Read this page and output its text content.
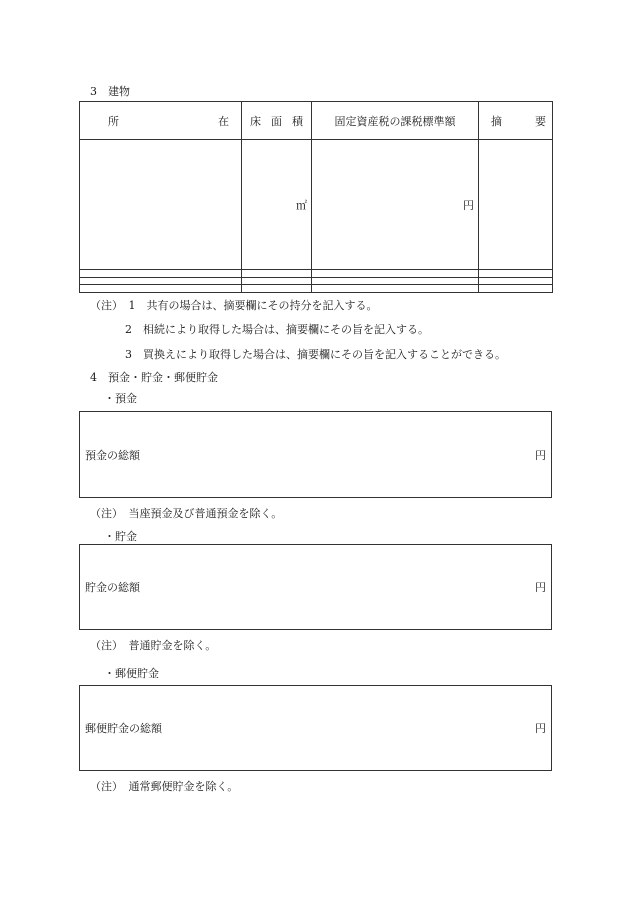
3　建物
所 在	床 面 積	固定資産税の課税標準額	摘 要

	㎡	円	

（注）　1　共有の場合は、摘要欄にその持分を記入する。
2　相続により取得した場合は、摘要欄にその旨を記入する。
3　買換えにより取得した場合は、摘要欄にその旨を記入することができる。
4　預金・貯金・郵便貯金
・預金
預金の総額	円
（注）　当座預金及び普通預金を除く。
・貯金
貯金の総額	円
（注）　普通貯金を除く。
・郵便貯金
郵便貯金の総額	円
（注）　通常郵便貯金を除く。
